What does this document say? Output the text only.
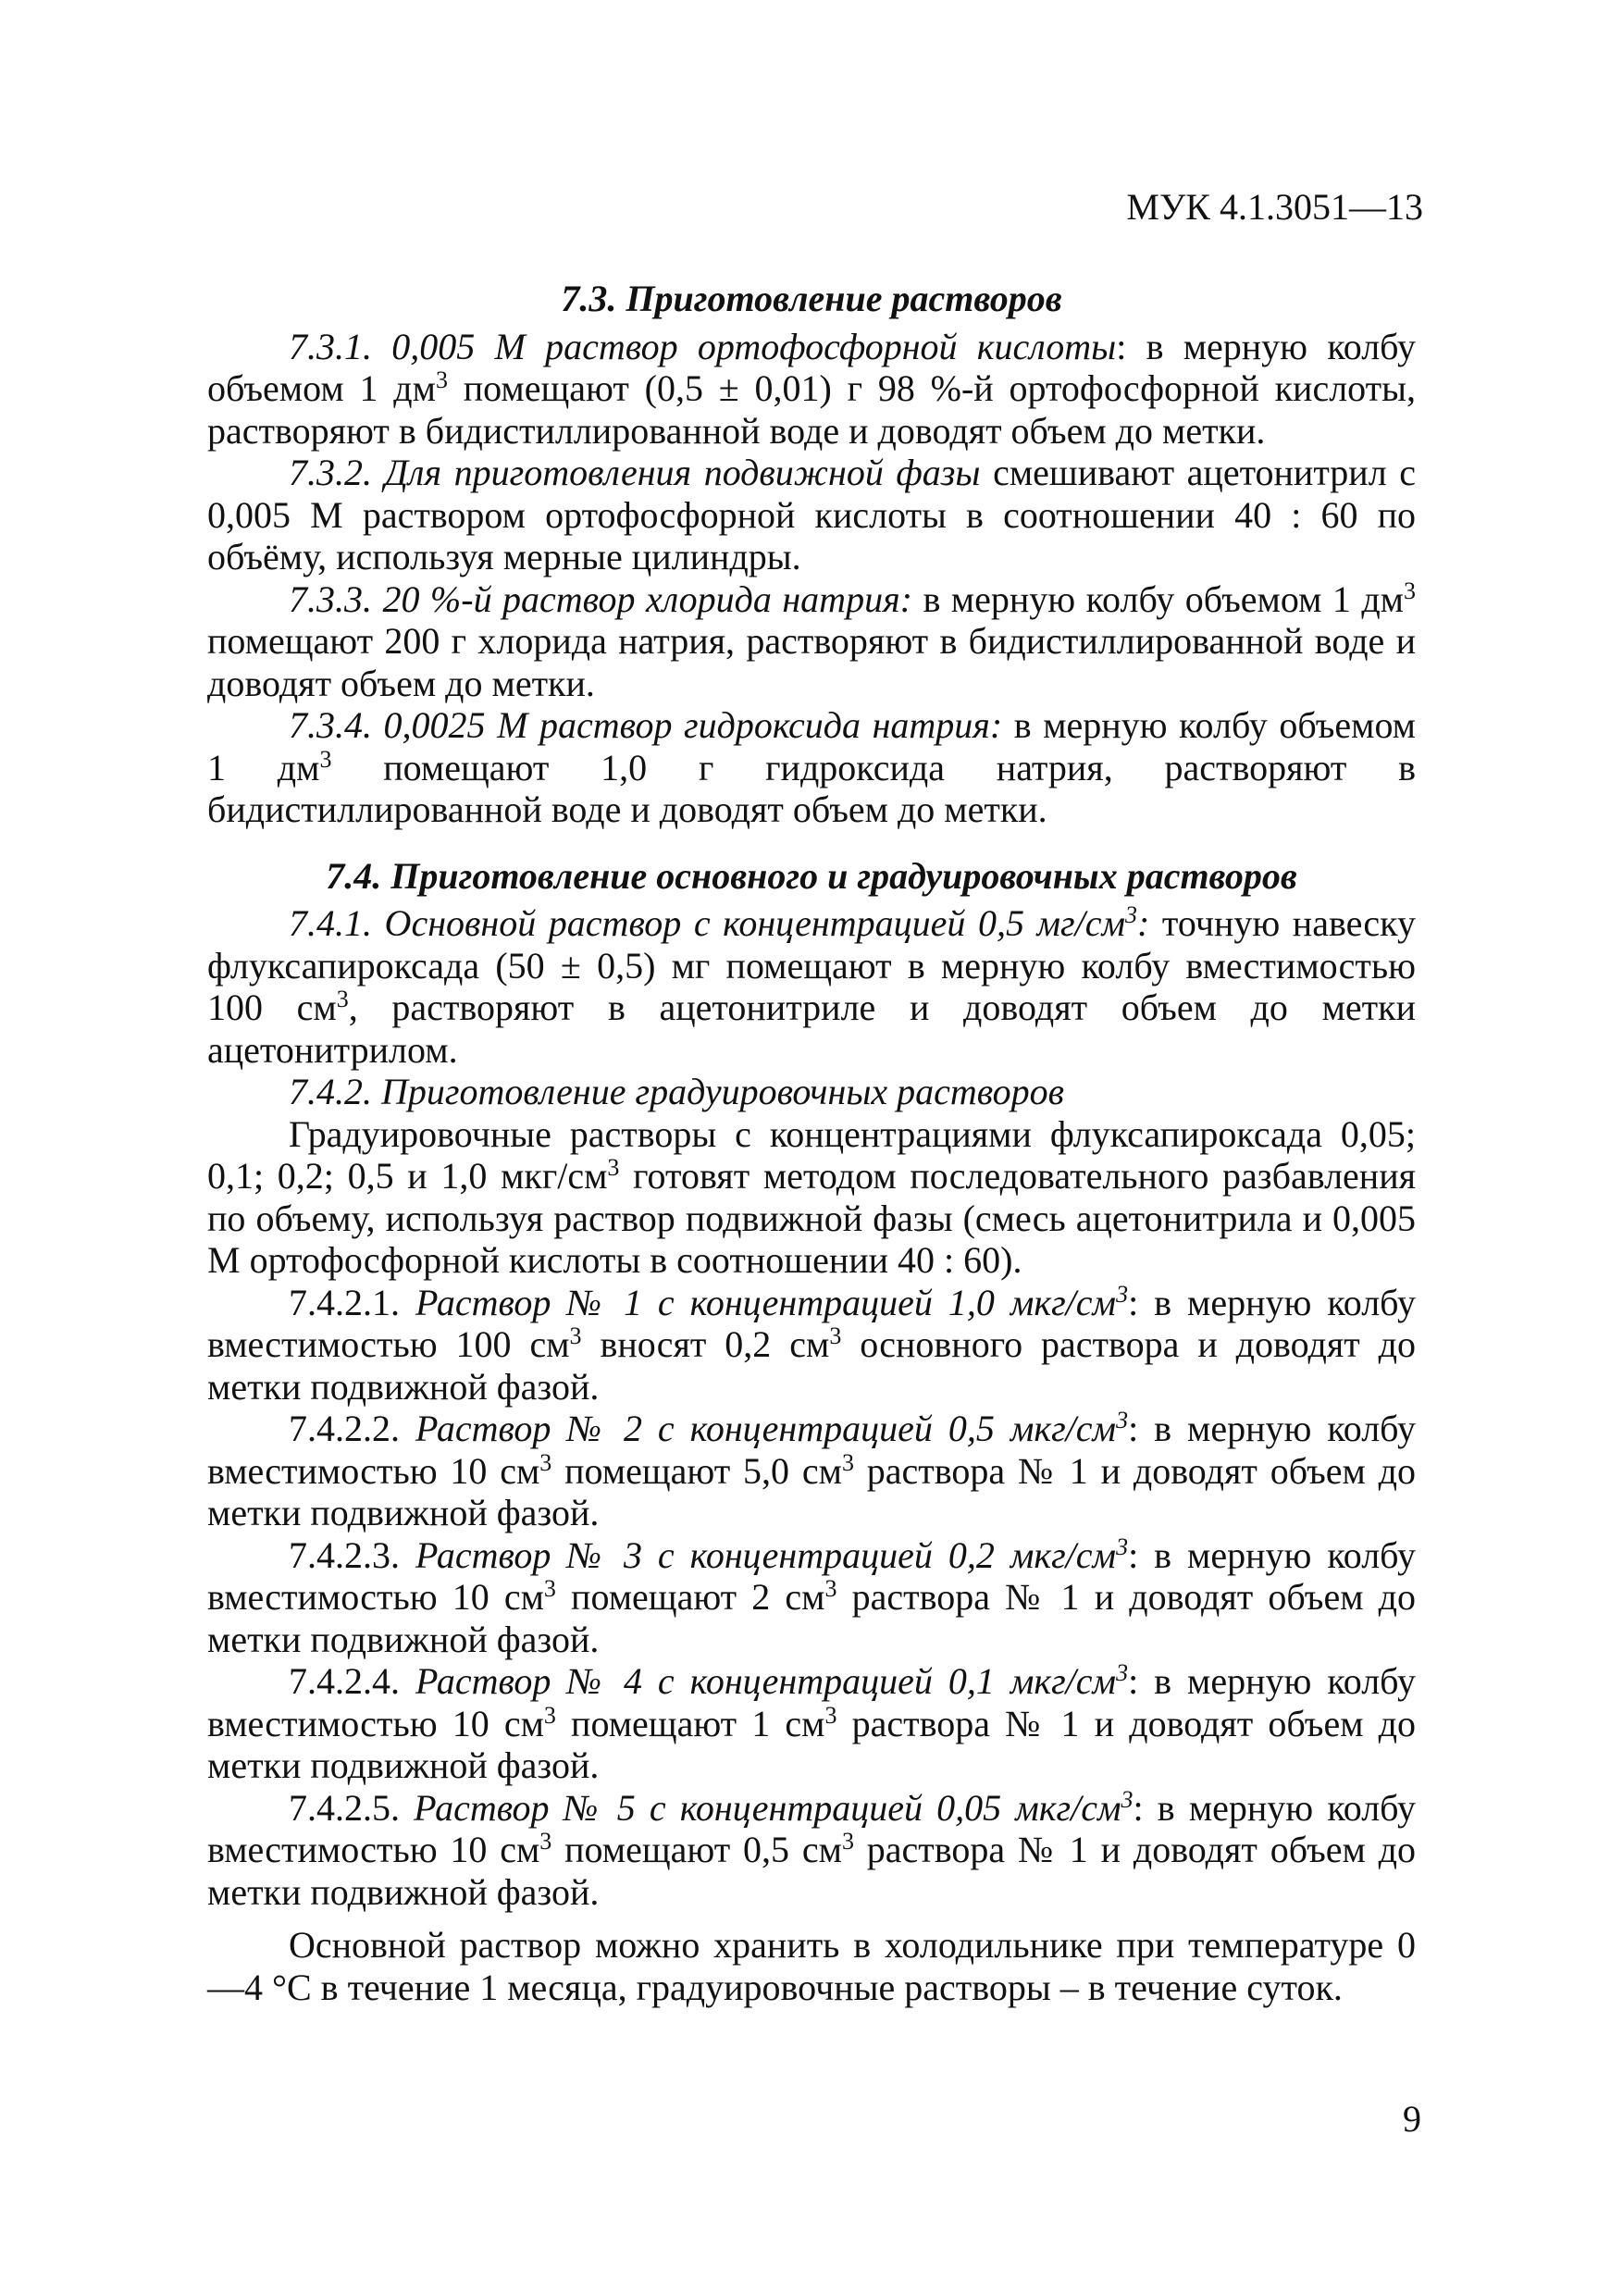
МУК 4.1.3051—13

7.3. Приготовление растворов

7.3.1. 0,005 М раствор ортофосфорной кислоты: в мерную колбу объемом 1 $дм^3$ помещают (0,5 ± 0,01) г 98 %-й ортофосфорной кислоты, растворяют в бидистиллированной воде и доводят объем до метки.

7.3.2. Для приготовления подвижной фазы смешивают ацетонитрил с 0,005 М раствором ортофосфорной кислоты в соотношении 40 : 60 по объёму, используя мерные цилиндры.

7.3.3. 20 %-й раствор хлорида натрия: в мерную колбу объемом 1 $дм^3$ помещают 200 г хлорида натрия, растворяют в бидистиллированной воде и доводят объем до метки.

7.3.4. 0,0025 М раствор гидроксида натрия: в мерную колбу объемом 1 $дм^3$ помещают 1,0 г гидроксида натрия, растворяют в бидистиллированной воде и доводят объем до метки.

7.4. Приготовление основного и градуировочных растворов

7.4.1. Основной раствор с концентрацией 0,5 $мг/см^3$: точную навеску флуксапироксада (50 ± 0,5) мг помещают в мерную колбу вместимостью 100 $см^3$, растворяют в ацетонитриле и доводят объем до метки ацетонитрилом.

7.4.2. Приготовление градуировочных растворов

Градуировочные растворы с концентрациями флуксапироксада 0,05; 0,1; 0,2; 0,5 и 1,0 мкг/$см^3$ готовят методом последовательного разбавления по объему, используя раствор подвижной фазы (смесь ацетонитрила и 0,005 М ортофосфорной кислоты в соотношении 40 : 60).

7.4.2.1. Раствор № 1 с концентрацией 1,0 мкг/$см^3$: в мерную колбу вместимостью 100 $см^3$ вносят 0,2 $см^3$ основного раствора и доводят до метки подвижной фазой.

7.4.2.2. Раствор № 2 с концентрацией 0,5 мкг/$см^3$: в мерную колбу вместимостью 10 $см^3$ помещают 5,0 $см^3$ раствора № 1 и доводят объем до метки подвижной фазой.

7.4.2.3. Раствор № 3 с концентрацией 0,2 мкг/$см^3$: в мерную колбу вместимостью 10 $см^3$ помещают 2 $см^3$ раствора № 1 и доводят объем до метки подвижной фазой.

7.4.2.4. Раствор № 4 с концентрацией 0,1 мкг/$см^3$: в мерную колбу вместимостью 10 $см^3$ помещают 1 $см^3$ раствора № 1 и доводят объем до метки подвижной фазой.

7.4.2.5. Раствор № 5 с концентрацией 0,05 мкг/$см^3$: в мерную колбу вместимостью 10 $см^3$ помещают 0,5 $см^3$ раствора № 1 и доводят объем до метки подвижной фазой.

Основной раствор можно хранить в холодильнике при температуре 0—4 °С в течение 1 месяца, градуировочные растворы – в течение суток.

9
